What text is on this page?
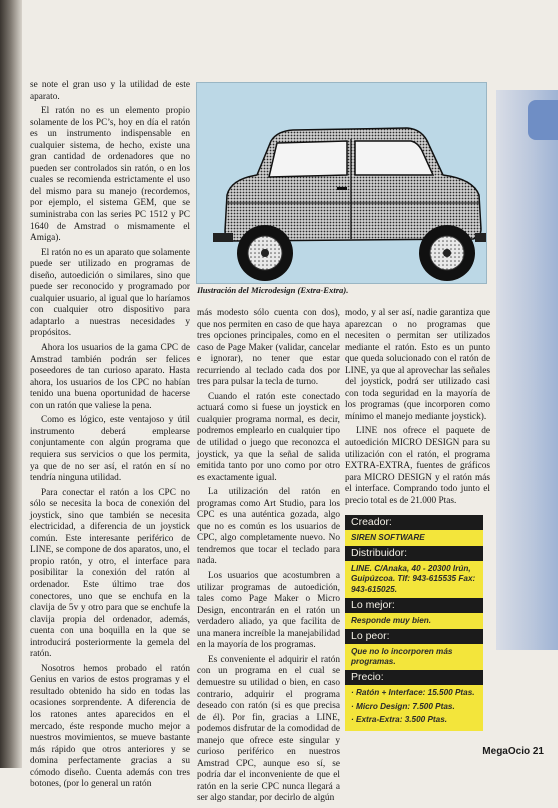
se note el gran uso y la utilidad de este aparato.

El ratón no es un elemento propio solamente de los PC’s, hoy en día el ratón es un instrumento indispensable en cualquier sistema, de hecho, existe una gran cantidad de ordenadores que no pueden ser controlados sin ratón, o en los cuales se recomienda estrictamente el uso del mismo para su manejo (recordemos, por ejemplo, el sistema GEM, que se suministraba con las series PC 1512 y PC 1640 de Amstrad o mismamente el Amiga).

El ratón no es un aparato que solamente puede ser utilizado en programas de diseño, autoedición o similares, sino que puede ser reconocido y programado por cualquier usuario, al igual que lo haríamos con cualquier otro dispositivo para adaptarlo a nuestras necesidades y propósitos.

Ahora los usuarios de la gama CPC de Amstrad también podrán ser felices poseedores de tan curioso aparato. Hasta ahora, los usuarios de los CPC no habían tenido una buena oportunidad de hacerse con un ratón que valiese la pena.

Como es lógico, este ventajoso y útil instrumento deberá emplearse conjuntamente con algún programa que requiera sus servicios o que los permita, ya que de no ser así, el ratón en sí no tendría ninguna utilidad.

Para conectar el ratón a los CPC no sólo se necesita la boca de conexión del joystick, sino que también se necesita electricidad, a diferencia de un joystick común. Este interesante periférico de LINE, se compone de dos aparatos, uno, el propio ratón, y otro, el interface para posibilitar la conexión del ratón al ordenador. Este último trae dos conectores, uno que se enchufa en la clavija de 5v y otro para que se enchufe la clavija propia del ordenador, además, cuenta con una boquilla en la que se introducirá posteriormente la gemela del ratón.

Nosotros hemos probado el ratón Genius en varios de estos programas y el resultado obtenido ha sido en todas las ocasiones sorprendente. A diferencia de los ratones antes aparecidos en el mercado, éste responde mucho mejor a nuestros movimientos, se mueve bastante más rápido que otros anteriores y se domina perfectamente gracias a su cómodo diseño. Cuenta además con tres botones, (por lo general un ratón

Ilustración del Microdesign (Extra-Extra).

más modesto sólo cuenta con dos), que nos permiten en caso de que haya tres opciones principales, como en el caso de Page Maker (validar, cancelar e ignorar), no tener que estar recurriendo al teclado cada dos por tres para pulsar la tecla de turno.

Cuando el ratón este conectado actuará como si fuese un joystick en cualquier programa normal, es decir, podremos emplearlo en cualquier tipo de utilidad o juego que reconozca el joystick, ya que la señal de salida emitida tanto por uno como por otro es exactamente igual.

La utilización del ratón en programas como Art Studio, para los CPC es una auténtica gozada, algo que no es común es los usuarios de CPC, algo completamente nuevo. No tendremos que tocar el teclado para nada.

Los usuarios que acostumbren a utilizar programas de autoedición, tales como Page Maker o Micro Design, encontrarán en el ratón un verdadero aliado, ya que facilita de una manera increíble la manejabilidad en la mayoría de los programas.

Es conveniente el adquirir el ratón con un programa en el cual se demuestre su utilidad o bien, en caso contrario, adquirir el programa deseado con ratón (si es que precisa de él). Por fin, gracias a LINE, podemos disfrutar de la comodidad de manejo que ofrece este singular y curioso periférico en nuestros Amstrad CPC, aunque eso sí, se podría dar el inconveniente de que el ratón en la serie CPC nunca llegará a ser algo standar, por decirlo de algún

modo, y al ser así, nadie garantiza que aparezcan o no programas que necesiten o permitan ser utilizados mediante el ratón. Esto es un punto que queda solucionado con el ratón de LINE, ya que al aprovechar las señales del joystick, podrá ser utilizado casi con toda seguridad en la mayoría de los programas (que incorporen como mínimo el manejo mediante joystick).

LINE nos ofrece el paquete de autoedición MICRO DESIGN para su utilización con el ratón, el programa EXTRA-EXTRA, fuentes de gráficos para MICRO DESIGN y el ratón más el interface. Comprando todo junto el precio total es de 21.000 Ptas.

Creador:
SIREN SOFTWARE
Distribuidor:
LINE. C/Anaka, 40 - 20300 Irún, Guipúzcoa. Tlf: 943-615535 Fax: 943-615025.
Lo mejor:
Responde muy bien.
Lo peor:
Que no lo incorporen más programas.
Precio:
· Ratón + Interface: 15.500 Ptas.
· Micro Design: 7.500 Ptas.
· Extra-Extra: 3.500 Ptas.
MegaOcio 21
